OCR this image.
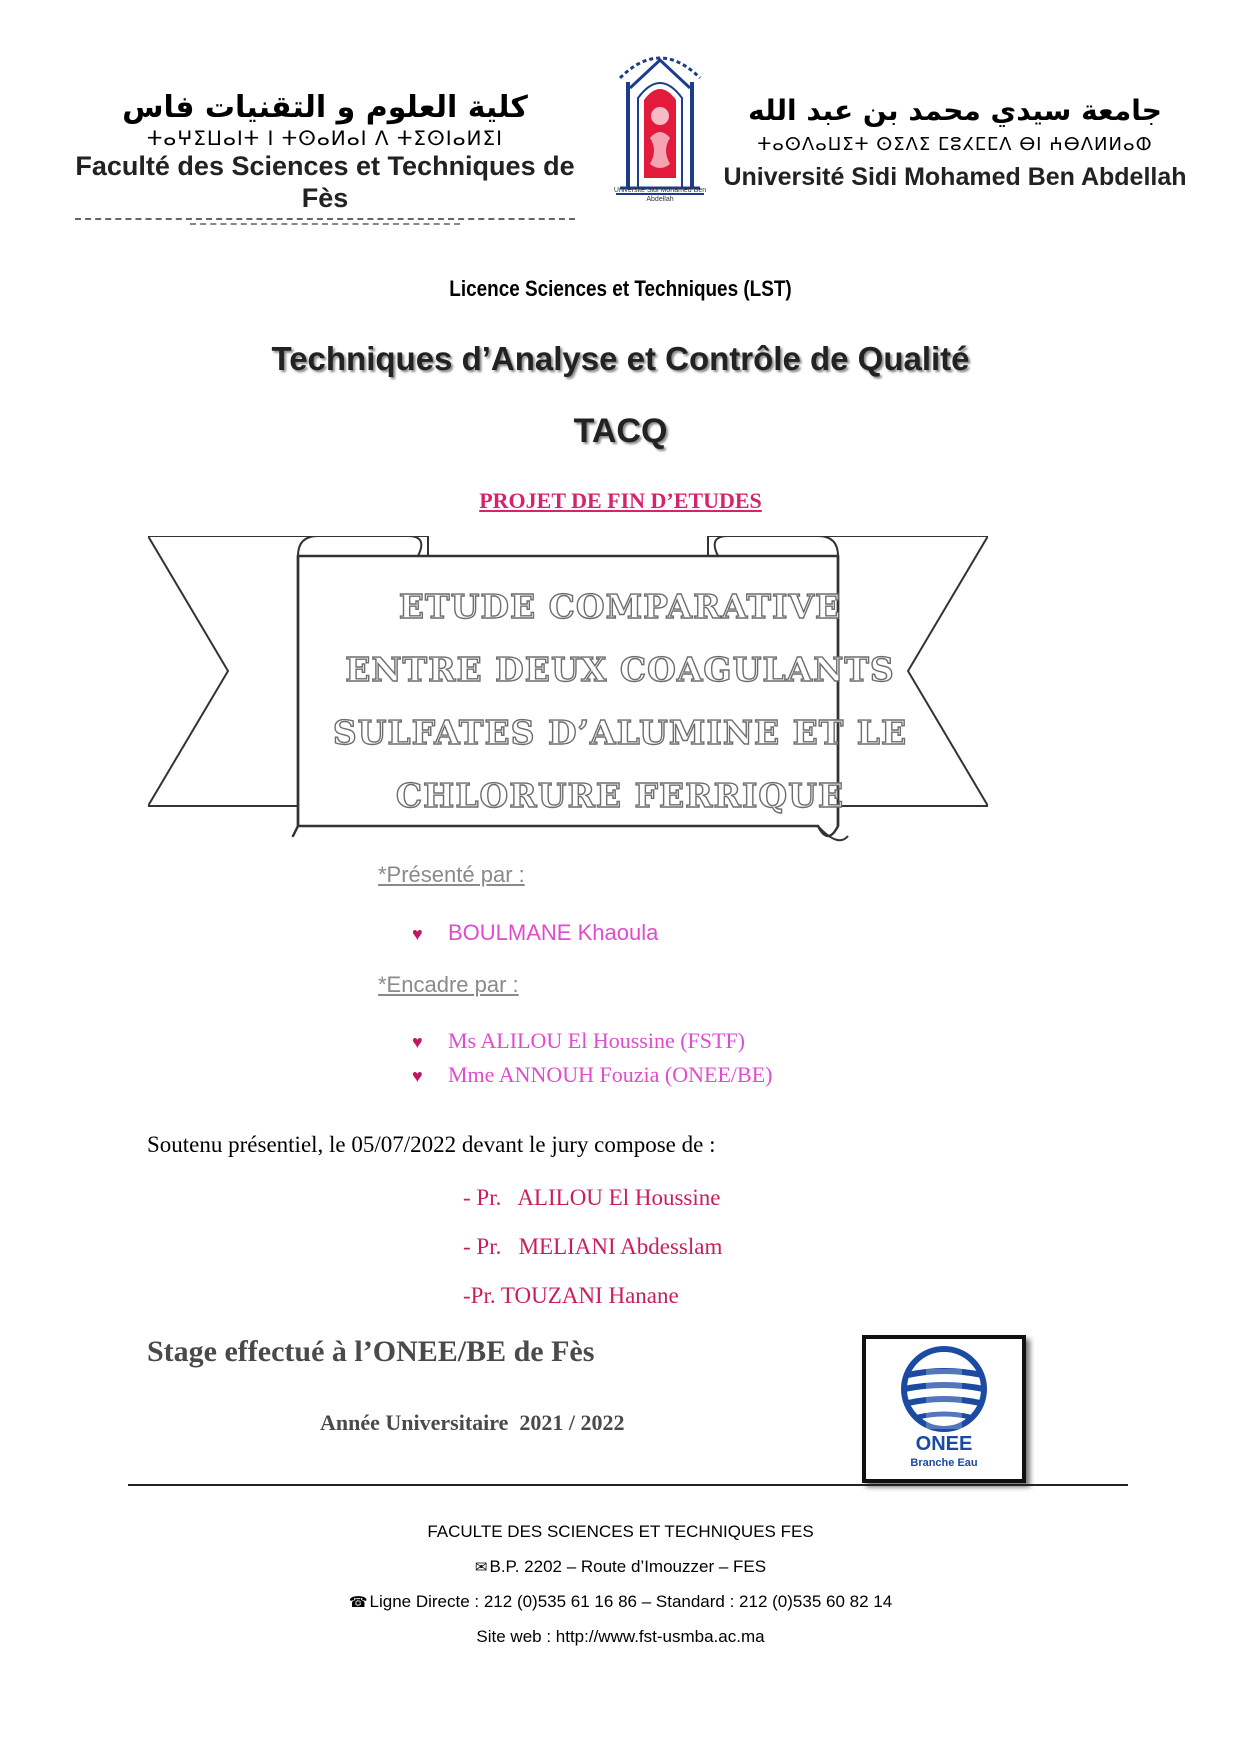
كلية العلوم و التقنيات فاس
ⵜⴰⵖⵉⵡⴰⵏⵜ ⵏ ⵜⵙⴰⵍⴰⵏ ⴷ ⵜⵉⵙⵏⴰⵍⵉⵏ
Faculté des Sciences et Techniques de Fès	Université Sidi Mohamed Ben Abdellah
جامعة سيدي محمد بن عبد الله
ⵜⴰⵙⴷⴰⵡⵉⵜ ⵙⵉⴷⵉ ⵎⵓⵃⵎⵎⴷ ⴱⵏ ⵄⴱⴷⵍⵍⴰⵀ
Université Sidi Mohamed Ben Abdellah
Licence Sciences et Techniques (LST)
Techniques d’Analyse et Contrôle de Qualité
TACQ
PROJET DE FIN D’ETUDES
ETUDE COMPARATIVE
ENTRE DEUX COAGULANTS
SULFATES D’ALUMINE ET LE
CHLORURE FERRIQUE
*Présenté par :
♥ BOULMANE Khaoula
*Encadre par :
♥ Ms ALILOU El Houssine (FSTF)
♥ Mme ANNOUH Fouzia (ONEE/BE)
Soutenu présentiel, le 05/07/2022 devant le jury compose de :
- Pr.   ALILOU El Houssine
- Pr.   MELIANI Abdesslam
-Pr. TOUZANI Hanane
Stage effectué à l’ONEE/BE de Fès
Année Universitaire  2021 / 2022
ONEE
Branche Eau
FACULTE DES SCIENCES ET TECHNIQUES FES
✉ B.P. 2202 – Route d’Imouzzer – FES
☎ Ligne Directe : 212 (0)535 61 16 86 – Standard : 212 (0)535 60 82 14
Site web : http://www.fst-usmba.ac.ma
